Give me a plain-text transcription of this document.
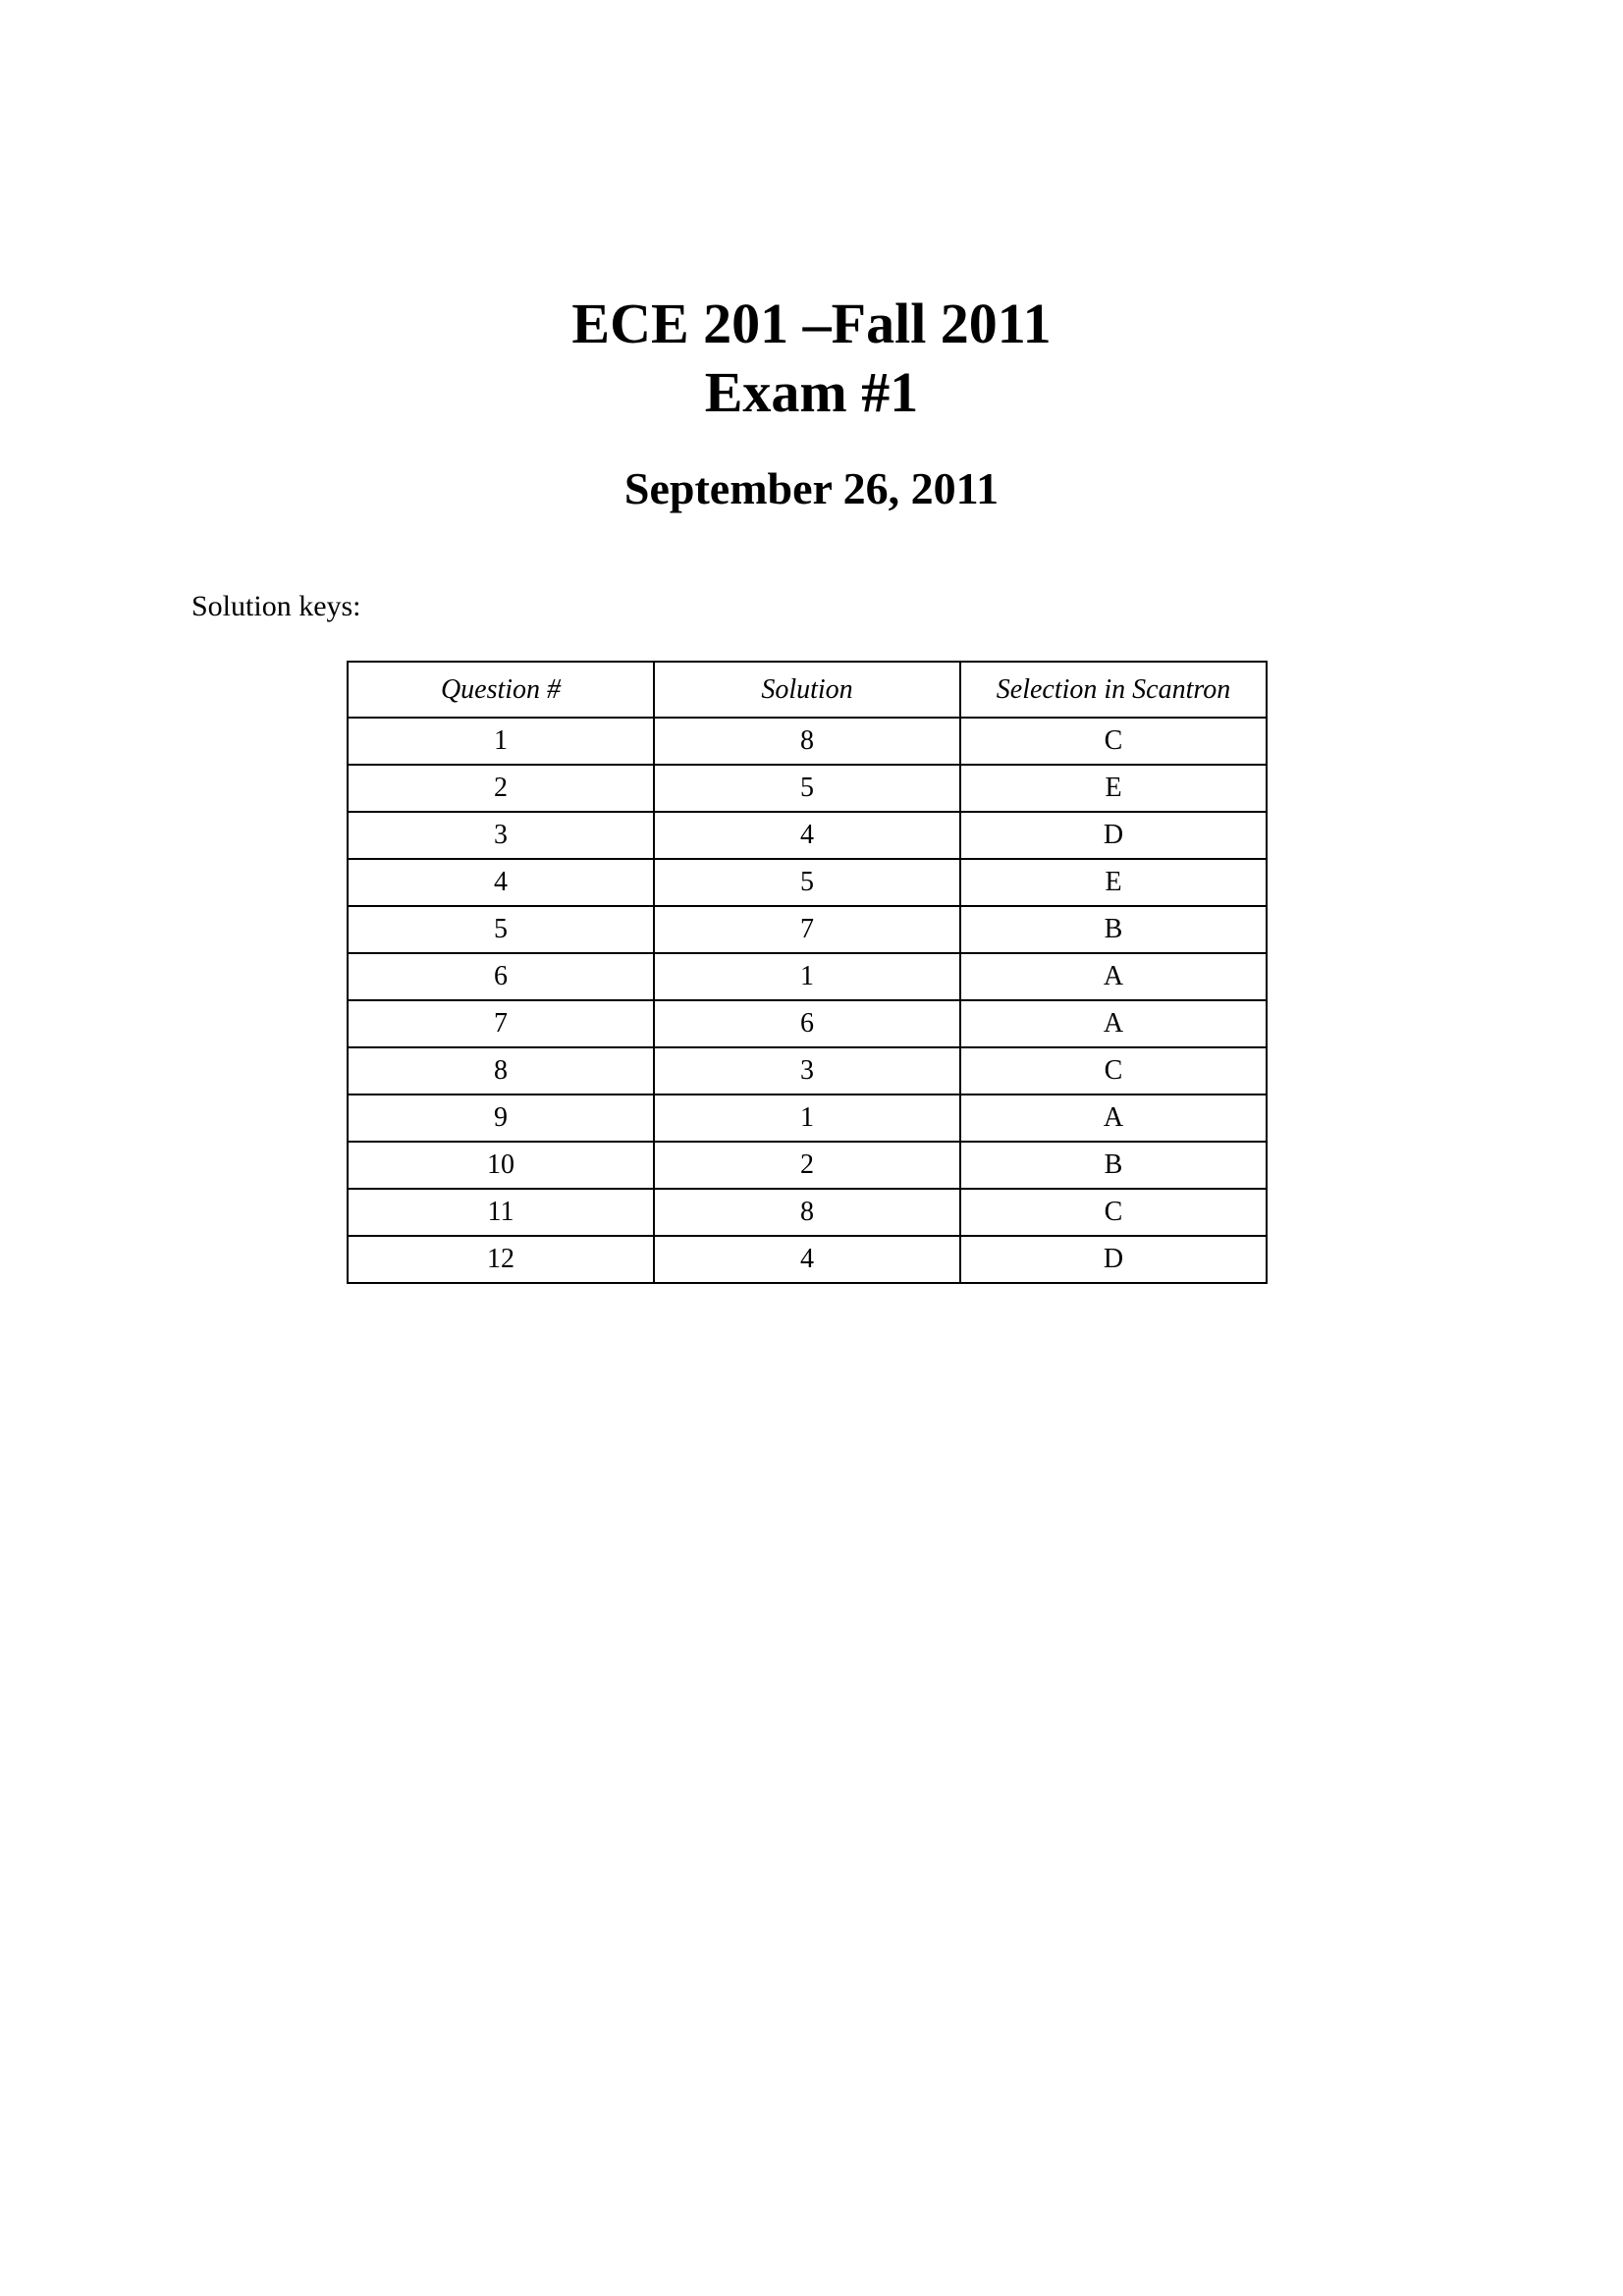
ECE 201 –Fall 2011
Exam #1
September 26, 2011

Solution keys:

Question #	Solution	Selection in Scantron
1	8	C
2	5	E
3	4	D
4	5	E
5	7	B
6	1	A
7	6	A
8	3	C
9	1	A
10	2	B
11	8	C
12	4	D
